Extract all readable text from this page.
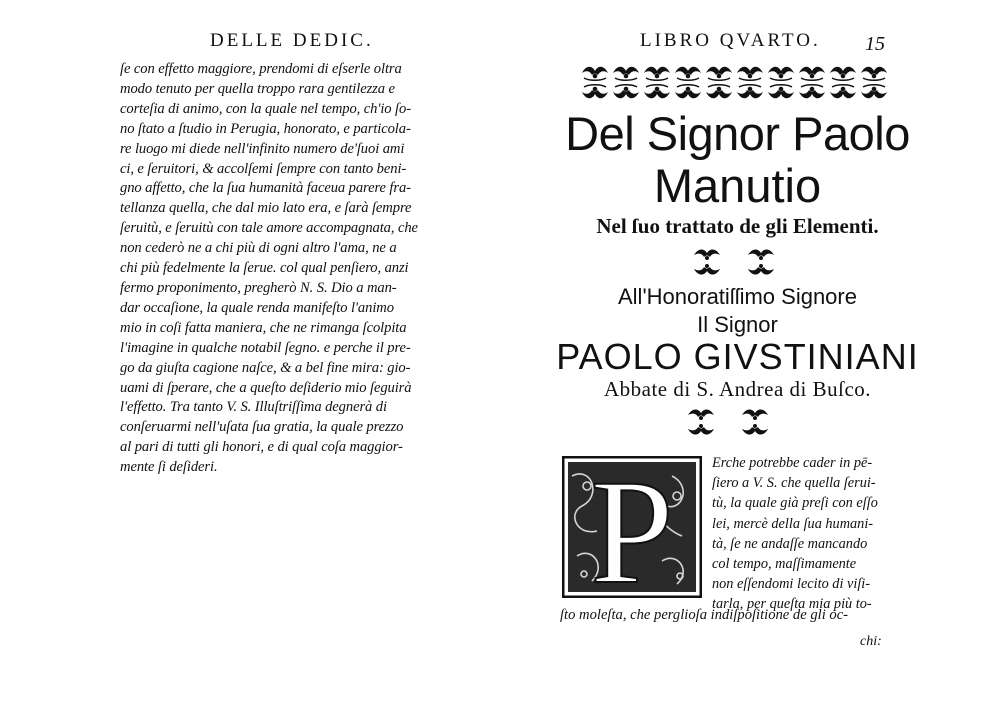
DELLE DEDIC.
ſe con effetto maggiore, prendomi di eſserle oltra
modo tenuto per quella troppo rara gentilezza e
corteſia di animo, con la quale nel tempo, ch'io ſo-
no ſtato a ſtudio in Perugia, honorato, e particola-
re luogo mi diede nell'infinito numero de'ſuoi ami
ci, e ſeruitori, & accolſemi ſempre con tanto beni-
gno affetto, che la ſua humanità faceua parere fra-
tellanza quella, che dal mio lato era, e ſarà ſempre
ſeruitù, e ſeruitù con tale amore accompagnata, che
non cederò ne a chi più di ogni altro l'ama, ne a
chi più fedelmente la ſerue. col qual penſiero, anzi
fermo proponimento, pregherò N. S. Dio a man-
dar occaſione, la quale renda manifeſto l'animo
mio in coſi fatta maniera, che ne rimanga ſcolpita
l'imagine in qualche notabil ſegno. e perche il pre-
go da giuſta cagione naſce, & a bel fine mira: gio-
uami di ſperare, che a queſto deſiderio mio ſeguirà
l'effetto. Tra tanto V. S. Illuſtriſſima degnerà di
conſeruarmi nell'uſata ſua gratia, la quale prezzo
al pari di tutti gli honori, e di qual coſa maggior-
mente ſi deſideri.
LIBRO QVARTO. 15
Del Signor Paolo
Manutio
Nel ſuo trattato de gli Elementi.
All'Honoratiſſimo Signore
Il Signor
PAOLO GIVSTINIANI
Abbate di S. Andrea di Buſco.
P	Erche potrebbe cader in pē-
ſiero a V. S. che quella ſerui-
tù, la quale già preſi con eſſo
lei, mercè della ſua humani-
tà, ſe ne andaſſe mancando
col tempo, maſſimamente
non eſſendomi lecito di viſi-
tarla, per queſta mia più to-
ſto moleſta, che perglioſa indiſpoſitione de gli oc-
chi:
